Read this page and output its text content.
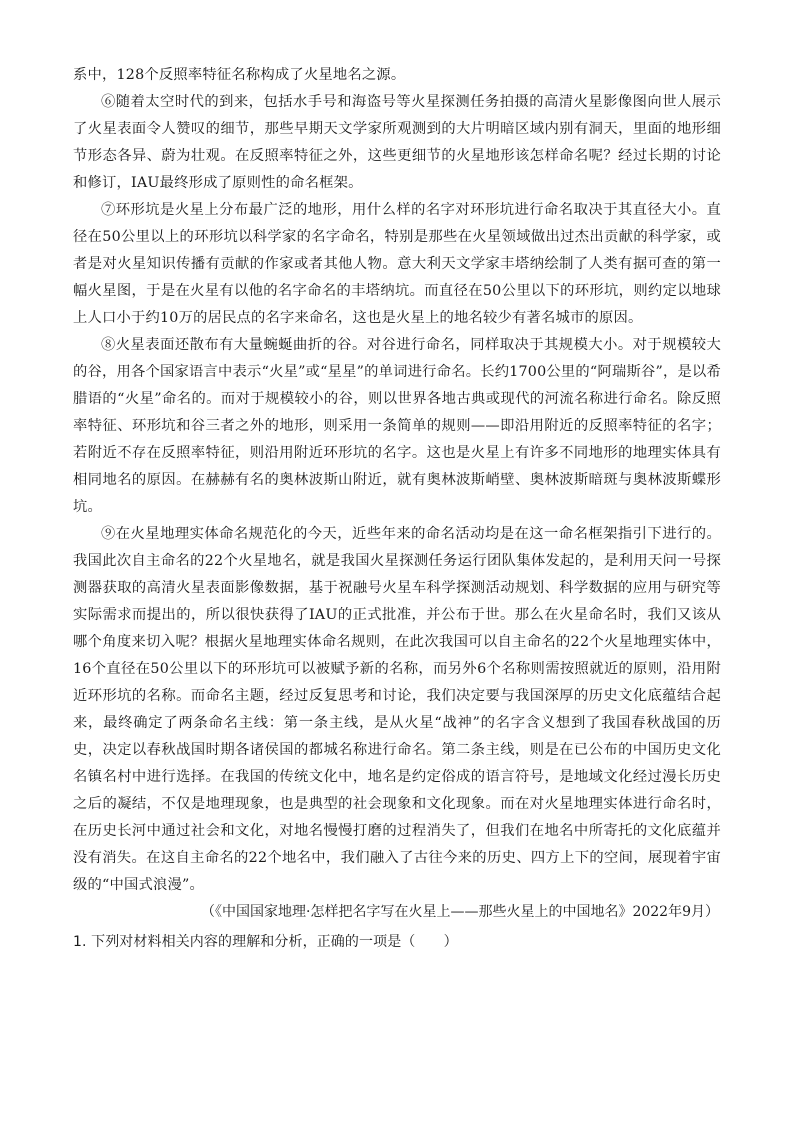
系中，128个反照率特征名称构成了火星地名之源。

⑥随着太空时代的到来，包括水手号和海盗号等火星探测任务拍摄的高清火星影像图向世人展示了火星表面令人赞叹的细节，那些早期天文学家所观测到的大片明暗区域内别有洞天，里面的地形细节形态各异、蔚为壮观。在反照率特征之外，这些更细节的火星地形该怎样命名呢？经过长期的讨论和修订，IAU最终形成了原则性的命名框架。

⑦环形坑是火星上分布最广泛的地形，用什么样的名字对环形坑进行命名取决于其直径大小。直径在50公里以上的环形坑以科学家的名字命名，特别是那些在火星领域做出过杰出贡献的科学家，或者是对火星知识传播有贡献的作家或者其他人物。意大利天文学家丰塔纳绘制了人类有据可查的第一幅火星图，于是在火星有以他的名字命名的丰塔纳坑。而直径在50公里以下的环形坑，则约定以地球上人口小于约10万的居民点的名字来命名，这也是火星上的地名较少有著名城市的原因。

⑧火星表面还散布有大量蜿蜒曲折的谷。对谷进行命名，同样取决于其规模大小。对于规模较大的谷，用各个国家语言中表示“火星”或“星星”的单词进行命名。长约1700公里的“阿瑞斯谷”，是以希腊语的“火星”命名的。而对于规模较小的谷，则以世界各地古典或现代的河流名称进行命名。除反照率特征、环形坑和谷三者之外的地形，则采用一条简单的规则——即沿用附近的反照率特征的名字；若附近不存在反照率特征，则沿用附近环形坑的名字。这也是火星上有许多不同地形的地理实体具有相同地名的原因。在赫赫有名的奥林波斯山附近，就有奥林波斯峭壁、奥林波斯暗斑与奥林波斯蝶形坑。

⑨在火星地理实体命名规范化的今天，近些年来的命名活动均是在这一命名框架指引下进行的。我国此次自主命名的22个火星地名，就是我国火星探测任务运行团队集体发起的，是利用天问一号探测器获取的高清火星表面影像数据，基于祝融号火星车科学探测活动规划、科学数据的应用与研究等实际需求而提出的，所以很快获得了IAU的正式批准，并公布于世。那么在火星命名时，我们又该从哪个角度来切入呢？根据火星地理实体命名规则，在此次我国可以自主命名的22个火星地理实体中，16个直径在50公里以下的环形坑可以被赋予新的名称，而另外6个名称则需按照就近的原则，沿用附近环形坑的名称。而命名主题，经过反复思考和讨论，我们决定要与我国深厚的历史文化底蕴结合起来，最终确定了两条命名主线：第一条主线，是从火星“战神”的名字含义想到了我国春秋战国的历史，决定以春秋战国时期各诸侯国的都城名称进行命名。第二条主线，则是在已公布的中国历史文化名镇名村中进行选择。在我国的传统文化中，地名是约定俗成的语言符号，是地域文化经过漫长历史之后的凝结，不仅是地理现象，也是典型的社会现象和文化现象。而在对火星地理实体进行命名时，在历史长河中通过社会和文化，对地名慢慢打磨的过程消失了，但我们在地名中所寄托的文化底蕴并没有消失。在这自主命名的22个地名中，我们融入了古往今来的历史、四方上下的空间，展现着宇宙级的“中国式浪漫”。

（《中国国家地理·怎样把名字写在火星上——那些火星上的中国地名》2022年9月）

1. 下列对材料相关内容的理解和分析，正确的一项是（　　）
